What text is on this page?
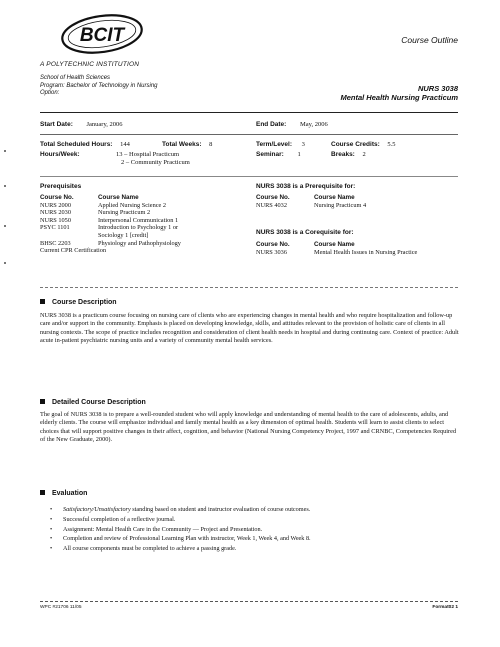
BCIT	Course Outline
A POLYTECHNIC INSTITUTION
School of Health Sciences
Program: Bachelor of Technology in Nursing
Option:	NURS 3038
Mental Health Nursing Practicum
Start Date: January, 2006	End Date: May, 2006
Total Scheduled Hours: 144	Total Weeks: 8	Term/Level: 3	Course Credits: 5.5
Hours/Week:	13 – Hospital Practicum
2 – Community Practicum
Seminar: 1	Breaks: 2
Prerequisites
Course No.	Course Name
NURS 2000	Applied Nursing Science 2
NURS 2030	Nursing Practicum 2
NURS 1050	Interpersonal Communication 1
PSYC 1101	Introduction to Psychology 1 or Sociology 1 [credit]
BHSC 2203	Physiology and Pathophysiology
Current CPR Certification	
NURS 3038 is a Prerequisite for:
Course No.	Course Name
NURS 4032	Nursing Practicum 4
NURS 3038 is a Corequisite for:
Course No.	Course Name
NURS 3036	Mental Health Issues in Nursing Practice
Course Description
NURS 3038 is a practicum course focusing on nursing care of clients who are experiencing changes in mental health and who require hospitalization and follow-up care and/or support in the community. Emphasis is placed on developing knowledge, skills, and attitudes relevant to the provision of holistic care of clients in all nursing contexts. The scope of practice includes recognition and consideration of client health needs in hospital and during continuing care. Context of practice: Adult acute in-patient psychiatric nursing units and a variety of community mental health services.
Detailed Course Description
The goal of NURS 3038 is to prepare a well-rounded student who will apply knowledge and understanding of mental health to the care of adolescents, adults, and elderly clients. The course will emphasize individual and family mental health as a key dimension of optimal health. Students will learn to assist clients to select choices that will support positive changes in their affect, cognition, and behavior (National Nursing Competency Project, 1997 and CRNBC, Competencies Required of the New Graduate, 2000).
Evaluation
•	Satisfactory/Unsatisfactory standing based on student and instructor evaluation of course outcomes.
•	Successful completion of a reflective journal.
•	Assignment: Mental Health Care in the Community — Project and Presentation.
•	Completion and review of Professional Learning Plan with instructor, Week 1, Week 4, and Week 8.
•	All course components must be completed to achieve a passing grade.
WPC #21706 11/05	Format02 1
